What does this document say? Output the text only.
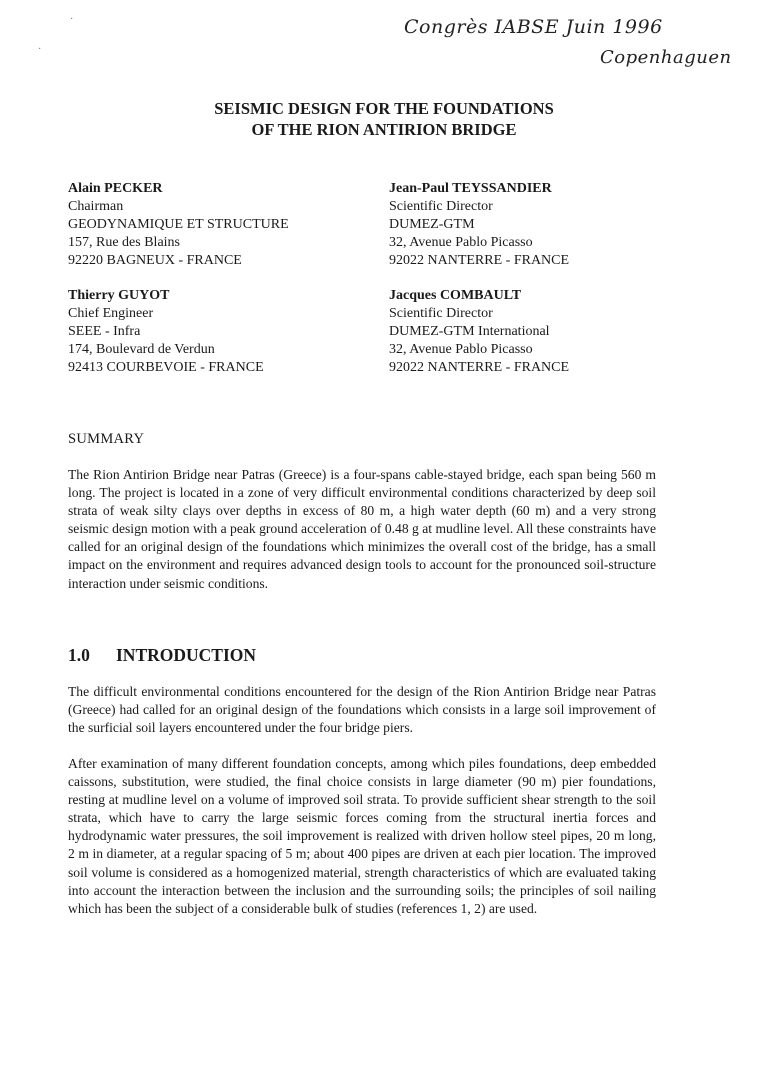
Congrès IABSE Juin 1996
Copenhaguen
·
·
SEISMIC DESIGN FOR THE FOUNDATIONS
OF THE RION ANTIRION BRIDGE
Alain PECKER
Chairman
GEODYNAMIQUE ET STRUCTURE
157, Rue des Blains
92220 BAGNEUX - FRANCE
Jean-Paul TEYSSANDIER
Scientific Director
DUMEZ-GTM
32, Avenue Pablo Picasso
92022 NANTERRE - FRANCE
Thierry GUYOT
Chief Engineer
SEEE - Infra
174, Boulevard de Verdun
92413 COURBEVOIE - FRANCE
Jacques COMBAULT
Scientific Director
DUMEZ-GTM International
32, Avenue Pablo Picasso
92022 NANTERRE - FRANCE
SUMMARY

The Rion Antirion Bridge near Patras (Greece) is a four-spans cable-stayed bridge, each span being 560 m long. The project is located in a zone of very difficult environmental conditions characterized by deep soil strata of weak silty clays over depths in excess of 80 m, a high water depth (60 m) and a very strong seismic design motion with a peak ground acceleration of 0.48 g at mudline level. All these constraints have called for an original design of the foundations which minimizes the overall cost of the bridge, has a small impact on the environment and requires advanced design tools to account for the pronounced soil-structure interaction under seismic conditions.

1.0 INTRODUCTION

The difficult environmental conditions encountered for the design of the Rion Antirion Bridge near Patras (Greece) had called for an original design of the foundations which consists in a large soil improvement of the surficial soil layers encountered under the four bridge piers.

After examination of many different foundation concepts, among which piles foundations, deep embedded caissons, substitution, were studied, the final choice consists in large diameter (90 m) pier foundations, resting at mudline level on a volume of improved soil strata. To provide sufficient shear strength to the soil strata, which have to carry the large seismic forces coming from the structural inertia forces and hydrodynamic water pressures, the soil improvement is realized with driven hollow steel pipes, 20 m long, 2 m in diameter, at a regular spacing of 5 m; about 400 pipes are driven at each pier location. The improved soil volume is considered as a homogenized material, strength characteristics of which are evaluated taking into account the interaction between the inclusion and the surrounding soils; the principles of soil nailing which has been the subject of a considerable bulk of studies (references 1, 2) are used.
